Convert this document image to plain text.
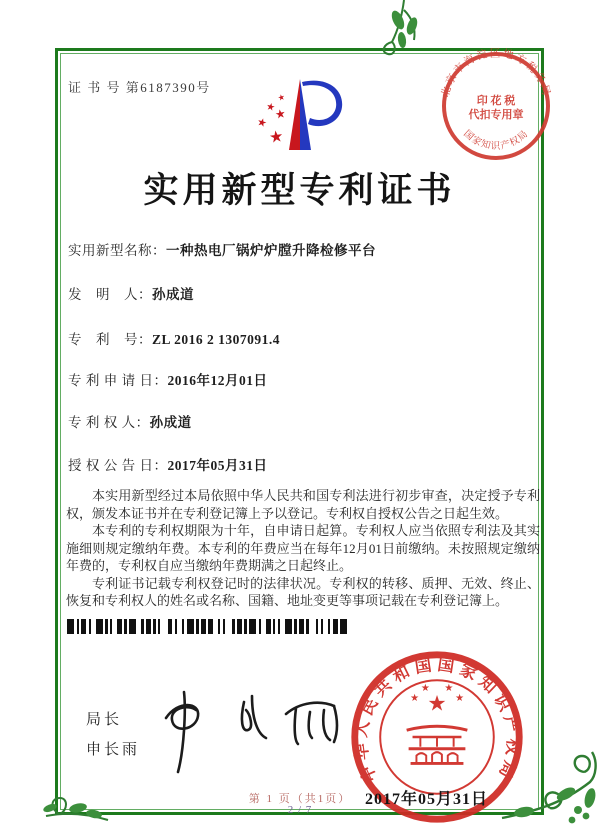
证 书 号 第6187390号
★
★
★
★
★
北京市海淀区地方税务局
国家知识产权局
印 花 税
代扣专用章
实用新型专利证书
实用新型名称：一种热电厂锅炉炉膛升降检修平台
发　明　人：孙成道
专　利　号：ZL 2016 2 1307091.4
专 利 申 请 日：2016年12月01日
专 利 权 人：孙成道
授 权 公 告 日：2017年05月31日

本实用新型经过本局依照中华人民共和国专利法进行初步审查，决定授予专利权，颁发本证书并在专利登记簿上予以登记。专利权自授权公告之日起生效。

本专利的专利权期限为十年，自申请日起算。专利权人应当依照专利法及其实施细则规定缴纳年费。本专利的年费应当在每年12月01日前缴纳。未按照规定缴纳年费的，专利权自应当缴纳年费期满之日起终止。

专利证书记载专利权登记时的法律状况。专利权的转移、质押、无效、终止、恢复和专利权人的姓名或名称、国籍、地址变更等事项记载在专利登记簿上。

局长
申长雨
中华人民共和国国家知识产权局
★
★
★ ★
★
2017年05月31日
第 1 页（共1页）
2 / 7
